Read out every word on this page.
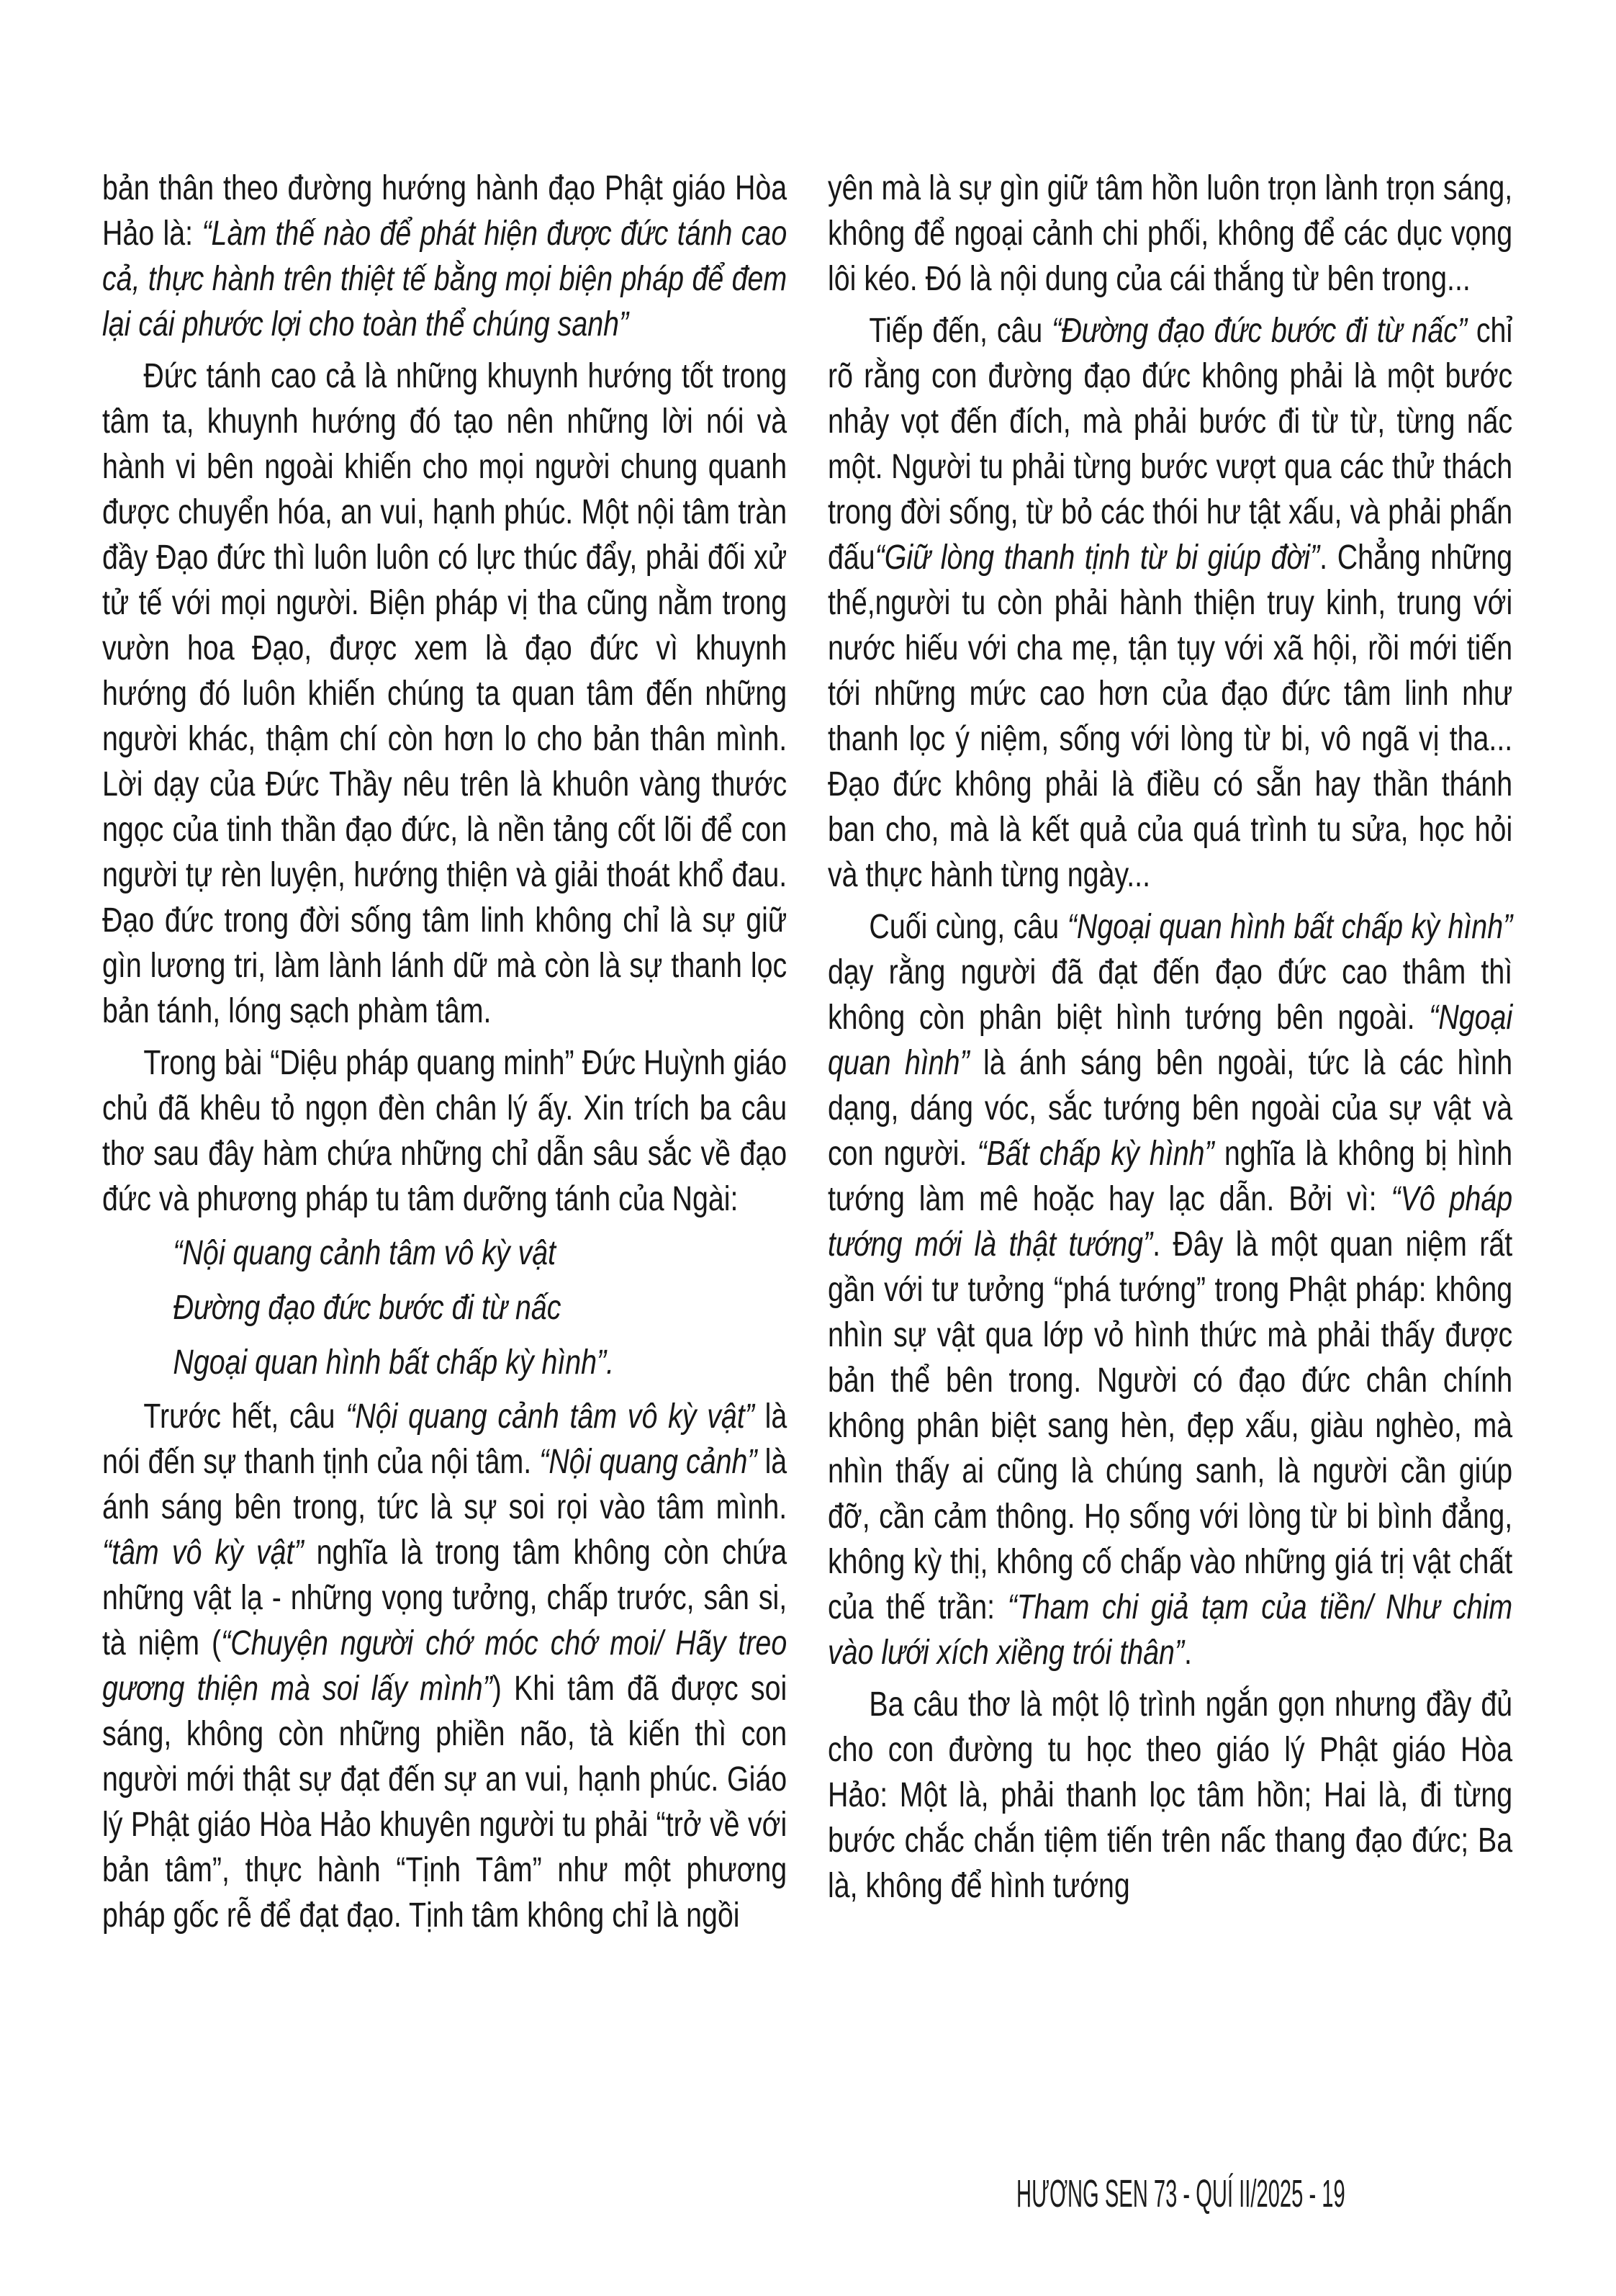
bản thân theo đường hướng hành đạo Phật giáo Hòa Hảo là: “Làm thế nào để phát hiện được đức tánh cao cả, thực hành trên thiệt tế bằng mọi biện pháp để đem lại cái phước lợi cho toàn thể chúng sanh”

Đức tánh cao cả là những khuynh hướng tốt trong tâm ta, khuynh hướng đó tạo nên những lời nói và hành vi bên ngoài khiến cho mọi người chung quanh được chuyển hóa, an vui, hạnh phúc. Một nội tâm tràn đầy Đạo đức thì luôn luôn có lực thúc đẩy, phải đối xử tử tế với mọi người. Biện pháp vị tha cũng nằm trong vườn hoa Đạo, được xem là đạo đức vì khuynh hướng đó luôn khiến chúng ta quan tâm đến những người khác, thậm chí còn hơn lo cho bản thân mình. Lời dạy của Đức Thầy nêu trên là khuôn vàng thước ngọc của tinh thần đạo đức, là nền tảng cốt lõi để con người tự rèn luyện, hướng thiện và giải thoát khổ đau. Đạo đức trong đời sống tâm linh không chỉ là sự giữ gìn lương tri, làm lành lánh dữ mà còn là sự thanh lọc bản tánh, lóng sạch phàm tâm.

Trong bài “Diệu pháp quang minh” Đức Huỳnh giáo chủ đã khêu tỏ ngọn đèn chân lý ấy. Xin trích ba câu thơ sau đây hàm chứa những chỉ dẫn sâu sắc về đạo đức và phương pháp tu tâm dưỡng tánh của Ngài:

“Nội quang cảnh tâm vô kỳ vật
Đường đạo đức bước đi từ nấc
Ngoại quan hình bất chấp kỳ hình”.

Trước hết, câu “Nội quang cảnh tâm vô kỳ vật” là nói đến sự thanh tịnh của nội tâm. “Nội quang cảnh” là ánh sáng bên trong, tức là sự soi rọi vào tâm mình. “tâm vô kỳ vật” nghĩa là trong tâm không còn chứa những vật lạ - những vọng tưởng, chấp trước, sân si, tà niệm (“Chuyện người chớ móc chớ moi/ Hãy treo gương thiện mà soi lấy mình”) Khi tâm đã được soi sáng, không còn những phiền não, tà kiến thì con người mới thật sự đạt đến sự an vui, hạnh phúc. Giáo lý Phật giáo Hòa Hảo khuyên người tu phải “trở về với bản tâm”, thực hành “Tịnh Tâm” như một phương pháp gốc rễ để đạt đạo. Tịnh tâm không chỉ là ngồi

yên mà là sự gìn giữ tâm hồn luôn trọn lành trọn sáng, không để ngoại cảnh chi phối, không để các dục vọng lôi kéo. Đó là nội dung của cái thắng từ bên trong...

Tiếp đến, câu “Đường đạo đức bước đi từ nấc” chỉ rõ rằng con đường đạo đức không phải là một bước nhảy vọt đến đích, mà phải bước đi từ từ, từng nấc một. Người tu phải từng bước vượt qua các thử thách trong đời sống, từ bỏ các thói hư tật xấu, và phải phấn đấu“Giữ lòng thanh tịnh từ bi giúp đời”. Chẳng những thế,người tu còn phải hành thiện truy kinh, trung với nước hiếu với cha mẹ, tận tụy với xã hội, rồi mới tiến tới những mức cao hơn của đạo đức tâm linh như thanh lọc ý niệm, sống với lòng từ bi, vô ngã vị tha... Đạo đức không phải là điều có sẵn hay thần thánh ban cho, mà là kết quả của quá trình tu sửa, học hỏi và thực hành từng ngày...

Cuối cùng, câu “Ngoại quan hình bất chấp kỳ hình” dạy rằng người đã đạt đến đạo đức cao thâm thì không còn phân biệt hình tướng bên ngoài. “Ngoại quan hình” là ánh sáng bên ngoài, tức là các hình dạng, dáng vóc, sắc tướng bên ngoài của sự vật và con người. “Bất chấp kỳ hình” nghĩa là không bị hình tướng làm mê hoặc hay lạc dẫn. Bởi vì: “Vô pháp tướng mới là thật tướng”. Đây là một quan niệm rất gần với tư tưởng “phá tướng” trong Phật pháp: không nhìn sự vật qua lớp vỏ hình thức mà phải thấy được bản thể bên trong. Người có đạo đức chân chính không phân biệt sang hèn, đẹp xấu, giàu nghèo, mà nhìn thấy ai cũng là chúng sanh, là người cần giúp đỡ, cần cảm thông. Họ sống với lòng từ bi bình đẳng, không kỳ thị, không cố chấp vào những giá trị vật chất của thế trần: “Tham chi giả tạm của tiền/ Như chim vào lưới xích xiềng trói thân”.

Ba câu thơ là một lộ trình ngắn gọn nhưng đầy đủ cho con đường tu học theo giáo lý Phật giáo Hòa Hảo: Một là, phải thanh lọc tâm hồn; Hai là, đi từng bước chắc chắn tiệm tiến trên nấc thang đạo đức; Ba là, không để hình tướng

HƯƠNG SEN 73 - QUÍ II/2025 - 19
